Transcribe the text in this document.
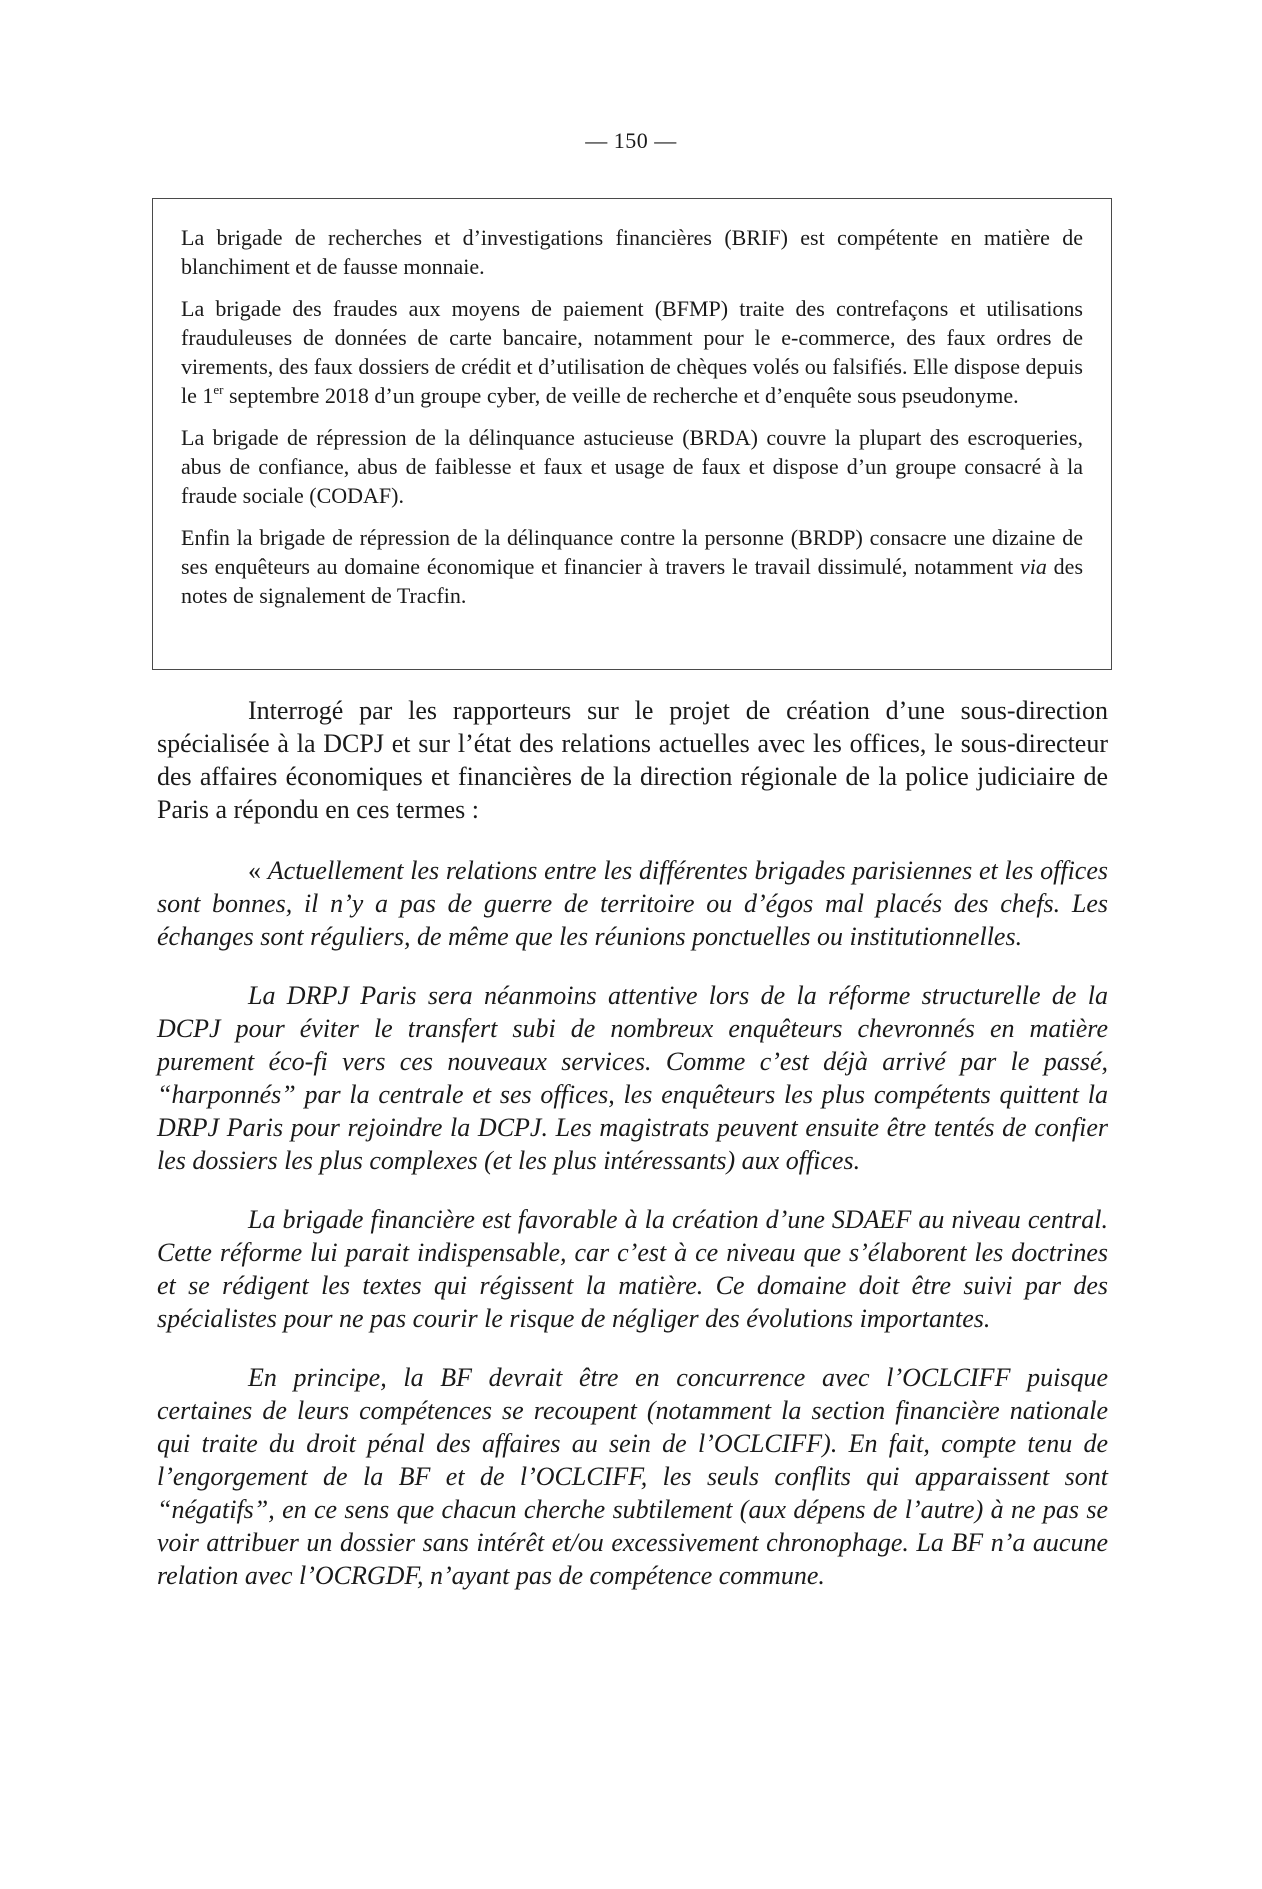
— 150 —

La brigade de recherches et d’investigations financières (BRIF) est compétente en matière de blanchiment et de fausse monnaie.

La brigade des fraudes aux moyens de paiement (BFMP) traite des contrefaçons et utilisations frauduleuses de données de carte bancaire, notamment pour le e-commerce, des faux ordres de virements, des faux dossiers de crédit et d’utilisation de chèques volés ou falsifiés. Elle dispose depuis le 1er septembre 2018 d’un groupe cyber, de veille de recherche et d’enquête sous pseudonyme.

La brigade de répression de la délinquance astucieuse (BRDA) couvre la plupart des escroqueries, abus de confiance, abus de faiblesse et faux et usage de faux et dispose d’un groupe consacré à la fraude sociale (CODAF).

Enfin la brigade de répression de la délinquance contre la personne (BRDP) consacre une dizaine de ses enquêteurs au domaine économique et financier à travers le travail dissimulé, notamment via des notes de signalement de Tracfin.

Interrogé par les rapporteurs sur le projet de création d’une sous-direction spécialisée à la DCPJ et sur l’état des relations actuelles avec les offices, le sous-directeur des affaires économiques et financières de la direction régionale de la police judiciaire de Paris a répondu en ces termes :

« Actuellement les relations entre les différentes brigades parisiennes et les offices sont bonnes, il n’y a pas de guerre de territoire ou d’égos mal placés des chefs. Les échanges sont réguliers, de même que les réunions ponctuelles ou institutionnelles.

La DRPJ Paris sera néanmoins attentive lors de la réforme structurelle de la DCPJ pour éviter le transfert subi de nombreux enquêteurs chevronnés en matière purement éco-fi vers ces nouveaux services. Comme c’est déjà arrivé par le passé, “harponnés” par la centrale et ses offices, les enquêteurs les plus compétents quittent la DRPJ Paris pour rejoindre la DCPJ. Les magistrats peuvent ensuite être tentés de confier les dossiers les plus complexes (et les plus intéressants) aux offices.

La brigade financière est favorable à la création d’une SDAEF au niveau central. Cette réforme lui parait indispensable, car c’est à ce niveau que s’élaborent les doctrines et se rédigent les textes qui régissent la matière. Ce domaine doit être suivi par des spécialistes pour ne pas courir le risque de négliger des évolutions importantes.

En principe, la BF devrait être en concurrence avec l’OCLCIFF puisque certaines de leurs compétences se recoupent (notamment la section financière nationale qui traite du droit pénal des affaires au sein de l’OCLCIFF). En fait, compte tenu de l’engorgement de la BF et de l’OCLCIFF, les seuls conflits qui apparaissent sont “négatifs”, en ce sens que chacun cherche subtilement (aux dépens de l’autre) à ne pas se voir attribuer un dossier sans intérêt et/ou excessivement chronophage. La BF n’a aucune relation avec l’OCRGDF, n’ayant pas de compétence commune.
